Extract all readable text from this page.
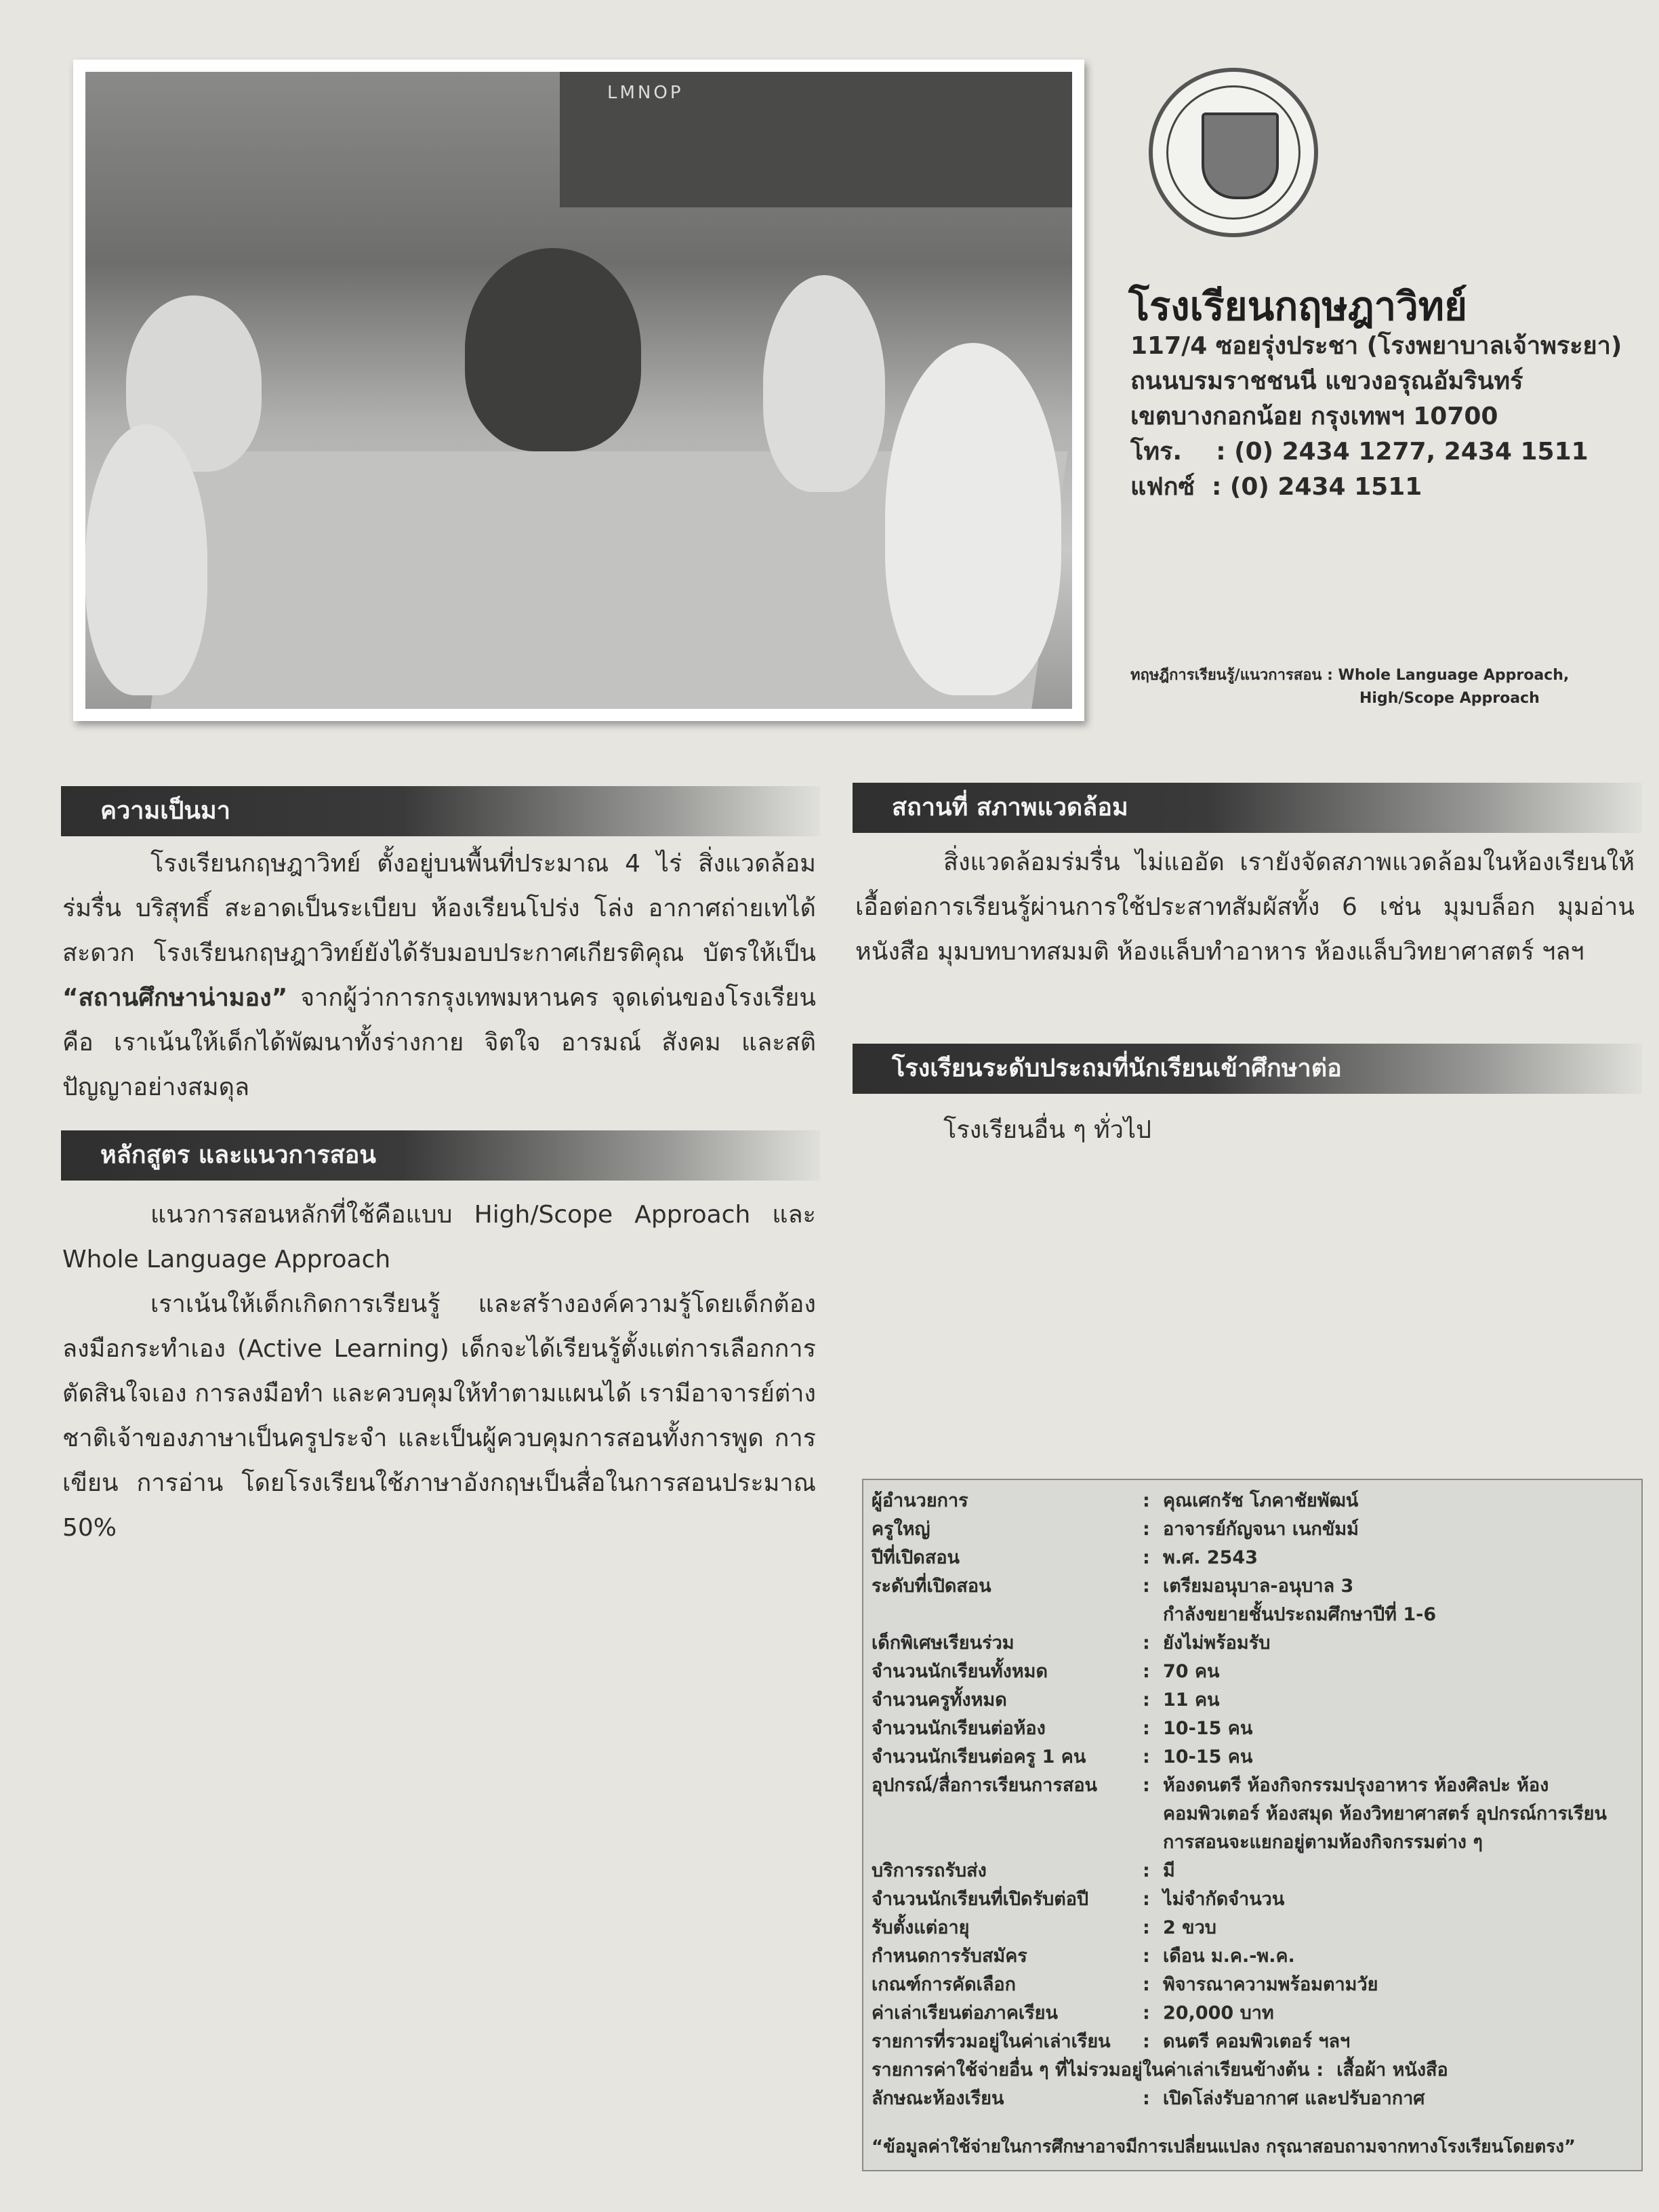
LMNOP
โรงเรียนกฤษฎาวิทย์
117/4 ซอยรุ่งประชา (โรงพยาบาลเจ้าพระยา)
ถนนบรมราชชนนี แขวงอรุณอัมรินทร์
เขตบางกอกน้อย กรุงเทพฯ 10700
โทร.    : (0) 2434 1277, 2434 1511
แฟกซ์  : (0) 2434 1511
ทฤษฎีการเรียนรู้/แนวการสอน : Whole Language Approach,
High/Scope Approach
ความเป็นมา

โรงเรียนกฤษฎาวิทย์ ตั้งอยู่บนพื้นที่ประมาณ 4 ไร่ สิ่งแวดล้อมร่มรื่น บริสุทธิ์ สะอาดเป็นระเบียบ ห้องเรียนโปร่ง โล่ง อากาศถ่ายเทได้สะดวก โรงเรียนกฤษฎาวิทย์ยังได้รับมอบประกาศเกียรติคุณ บัตรให้เป็น “สถานศึกษาน่ามอง” จากผู้ว่าการกรุงเทพมหานคร จุดเด่นของโรงเรียนคือ เราเน้นให้เด็กได้พัฒนาทั้งร่างกาย จิตใจ อารมณ์ สังคม และสติปัญญาอย่างสมดุล

หลักสูตร และแนวการสอน

แนวการสอนหลักที่ใช้คือแบบ High/Scope Approach และ Whole Language Approach

เราเน้นให้เด็กเกิดการเรียนรู้ และสร้างองค์ความรู้โดยเด็กต้องลงมือกระทำเอง (Active Learning) เด็กจะได้เรียนรู้ตั้งแต่การเลือกการตัดสินใจเอง การลงมือทำ และควบคุมให้ทำตามแผนได้ เรามีอาจารย์ต่างชาติเจ้าของภาษาเป็นครูประจำ และเป็นผู้ควบคุมการสอนทั้งการพูด การเขียน การอ่าน โดยโรงเรียนใช้ภาษาอังกฤษเป็นสื่อในการสอนประมาณ 50%

สถานที่ สภาพแวดล้อม

สิ่งแวดล้อมร่มรื่น ไม่แออัด เรายังจัดสภาพแวดล้อมในห้องเรียนให้เอื้อต่อการเรียนรู้ผ่านการใช้ประสาทสัมผัสทั้ง 6 เช่น มุมบล็อก มุมอ่านหนังสือ มุมบทบาทสมมติ ห้องแล็บทำอาหาร ห้องแล็บวิทยาศาสตร์ ฯลฯ

โรงเรียนระดับประถมที่นักเรียนเข้าศึกษาต่อ

โรงเรียนอื่น ๆ ทั่วไป

ผู้อำนวยการ	: คุณเศกรัช โภคาชัยพัฒน์
ครูใหญ่	: อาจารย์กัญจนา เนกขัมม์
ปีที่เปิดสอน	: พ.ศ. 2543
ระดับที่เปิดสอน	: เตรียมอนุบาล-อนุบาล 3
กำลังขยายชั้นประถมศึกษาปีที่ 1-6
เด็กพิเศษเรียนร่วม	: ยังไม่พร้อมรับ
จำนวนนักเรียนทั้งหมด	: 70 คน
จำนวนครูทั้งหมด	: 11 คน
จำนวนนักเรียนต่อห้อง	: 10-15 คน
จำนวนนักเรียนต่อครู 1 คน	: 10-15 คน
อุปกรณ์/สื่อการเรียนการสอน	: ห้องดนตรี ห้องกิจกรรมปรุงอาหาร ห้องศิลปะ ห้องคอมพิวเตอร์ ห้องสมุด ห้องวิทยาศาสตร์ อุปกรณ์การเรียนการสอนจะแยกอยู่ตามห้องกิจกรรมต่าง ๆ
บริการรถรับส่ง	: มี
จำนวนนักเรียนที่เปิดรับต่อปี	: ไม่จำกัดจำนวน
รับตั้งแต่อายุ	: 2 ขวบ
กำหนดการรับสมัคร	: เดือน ม.ค.-พ.ค.
เกณฑ์การคัดเลือก	: พิจารณาความพร้อมตามวัย
ค่าเล่าเรียนต่อภาคเรียน	: 20,000 บาท
รายการที่รวมอยู่ในค่าเล่าเรียน	: ดนตรี คอมพิวเตอร์ ฯลฯ
รายการค่าใช้จ่ายอื่น ๆ ที่ไม่รวมอยู่ในค่าเล่าเรียนข้างต้น : เสื้อผ้า หนังสือ
ลักษณะห้องเรียน	: เปิดโล่งรับอากาศ และปรับอากาศ
“ข้อมูลค่าใช้จ่ายในการศึกษาอาจมีการเปลี่ยนแปลง กรุณาสอบถามจากทางโรงเรียนโดยตรง”
